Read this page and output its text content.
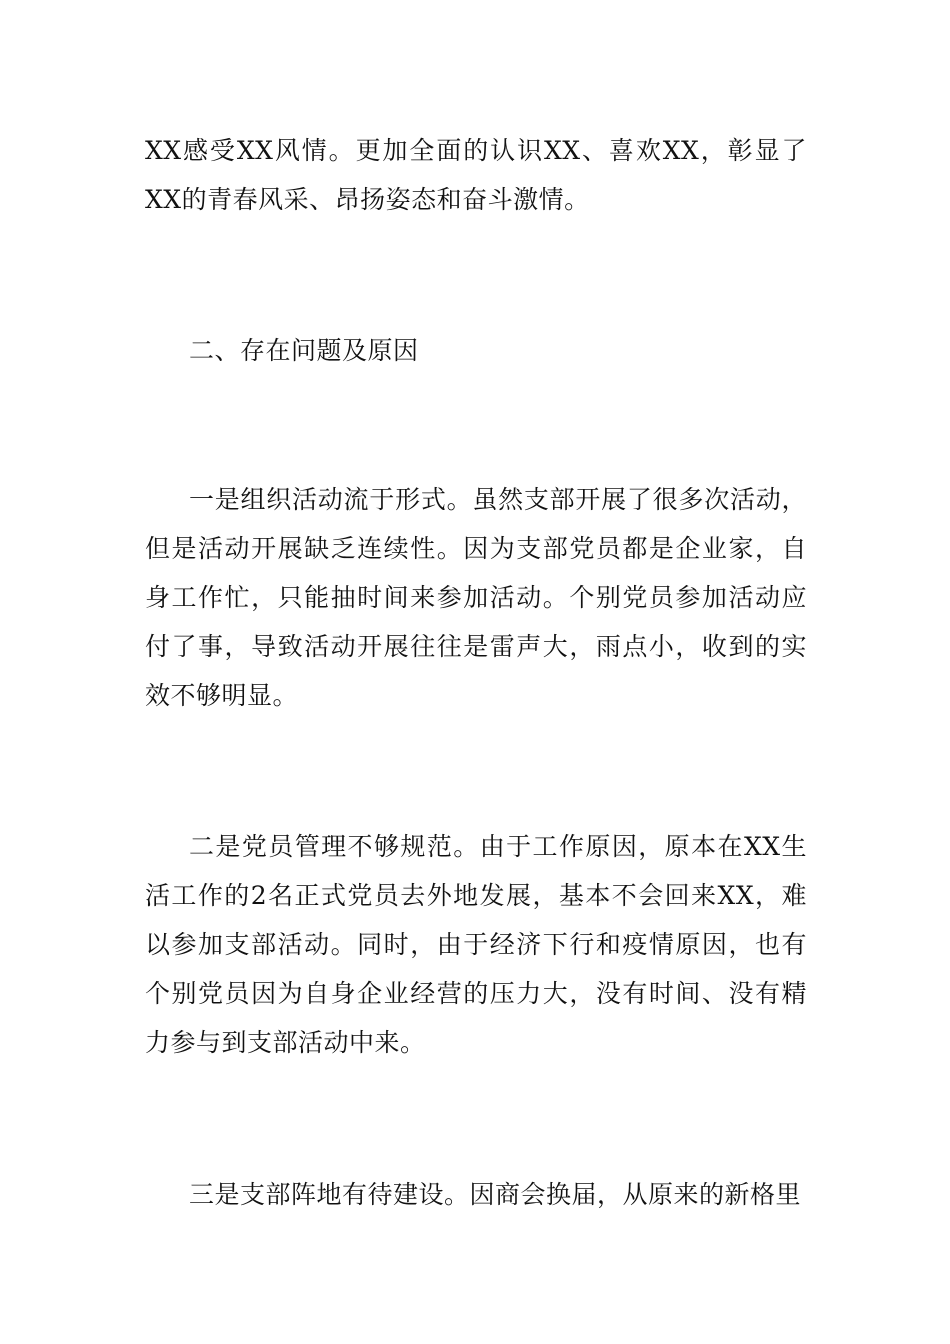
XX感受XX风情。更加全面的认识XX、喜欢XX，彰显了XX的青春风采、昂扬姿态和奋斗激情。

二、存在问题及原因

一是组织活动流于形式。虽然支部开展了很多次活动，但是活动开展缺乏连续性。因为支部党员都是企业家，自身工作忙，只能抽时间来参加活动。个别党员参加活动应付了事，导致活动开展往往是雷声大，雨点小，收到的实效不够明显。

二是党员管理不够规范。由于工作原因，原本在XX生活工作的2名正式党员去外地发展，基本不会回来XX，难以参加支部活动。同时，由于经济下行和疫情原因，也有个别党员因为自身企业经营的压力大，没有时间、没有精力参与到支部活动中来。

三是支部阵地有待建设。因商会换届，从原来的新格里
